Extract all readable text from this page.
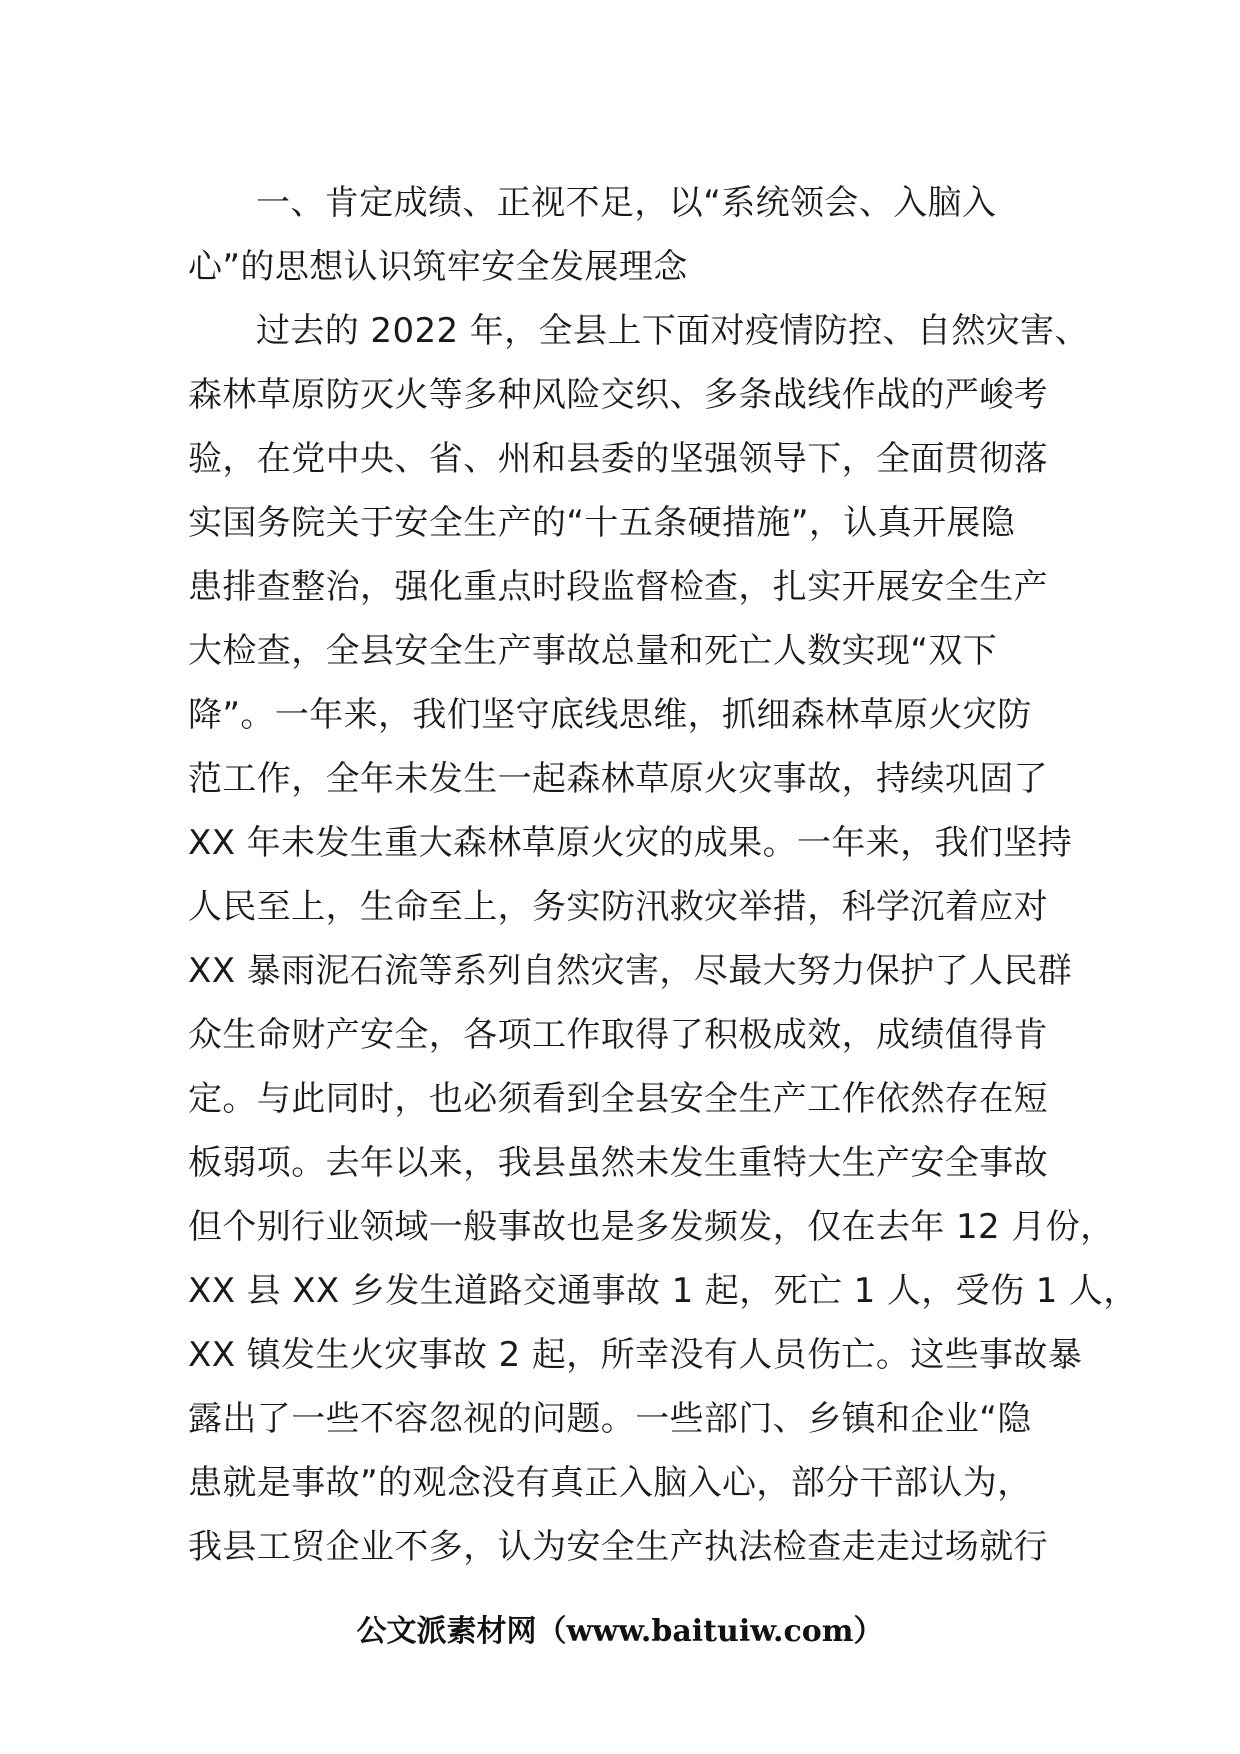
一、肯定成绩、正视不足，以“系统领会、入脑入
心”的思想认识筑牢安全发展理念
过去的 2022 年，全县上下面对疫情防控、自然灾害、
森林草原防灭火等多种风险交织、多条战线作战的严峻考
验，在党中央、省、州和县委的坚强领导下，全面贯彻落
实国务院关于安全生产的“十五条硬措施”，认真开展隐
患排查整治，强化重点时段监督检查，扎实开展安全生产
大检查，全县安全生产事故总量和死亡人数实现“双下
降”。一年来，我们坚守底线思维，抓细森林草原火灾防
范工作，全年未发生一起森林草原火灾事故，持续巩固了
XX 年未发生重大森林草原火灾的成果。一年来，我们坚持
人民至上，生命至上，务实防汛救灾举措，科学沉着应对
XX 暴雨泥石流等系列自然灾害，尽最大努力保护了人民群
众生命财产安全，各项工作取得了积极成效，成绩值得肯
定。与此同时，也必须看到全县安全生产工作依然存在短
板弱项。去年以来，我县虽然未发生重特大生产安全事故
但个别行业领域一般事故也是多发频发，仅在去年 12 月份，
XX 县 XX 乡发生道路交通事故 1 起，死亡 1 人，受伤 1 人，
XX 镇发生火灾事故 2 起，所幸没有人员伤亡。这些事故暴
露出了一些不容忽视的问题。一些部门、乡镇和企业“隐
患就是事故”的观念没有真正入脑入心，部分干部认为，
我县工贸企业不多，认为安全生产执法检查走走过场就行
公文派素材网（www.baituiw.com）
